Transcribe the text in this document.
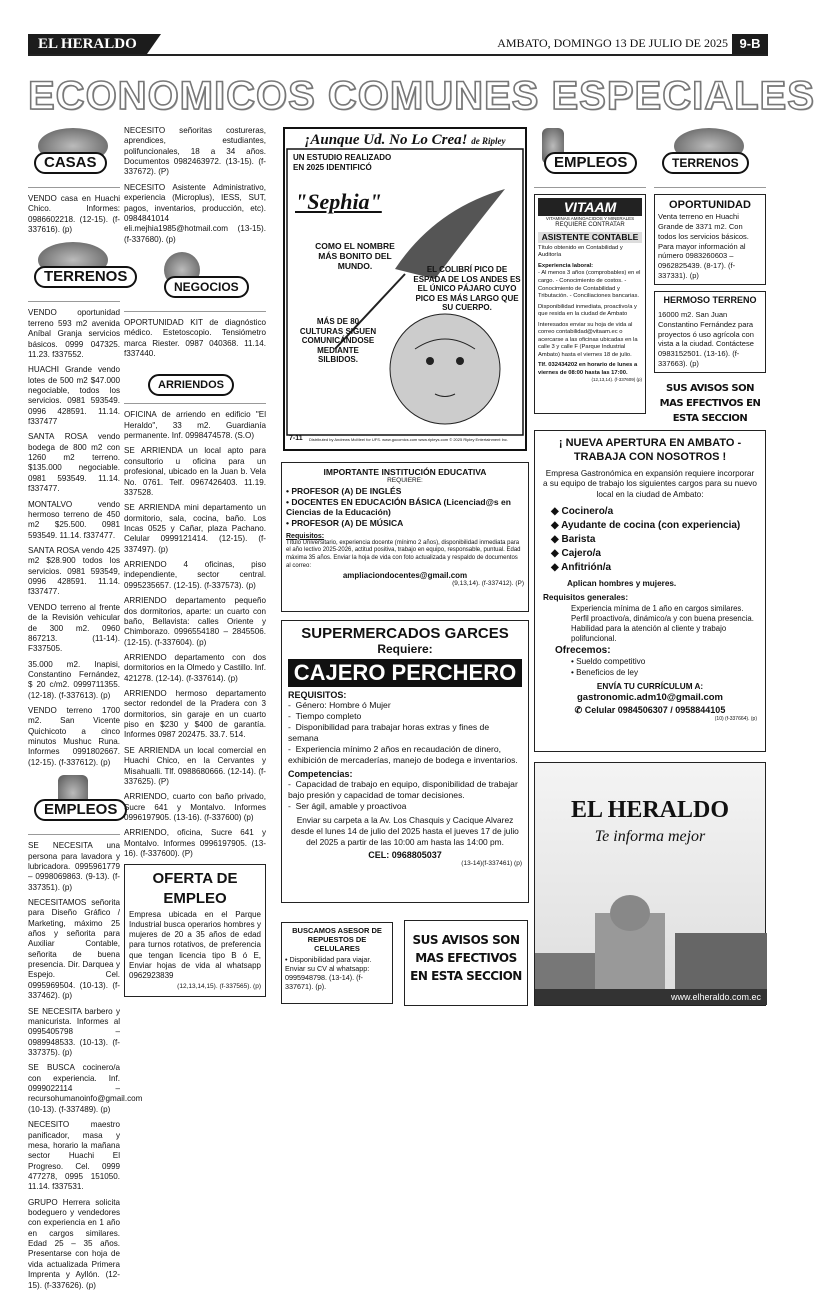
EL HERALDO	AMBATO, DOMINGO 13 DE JULIO DE 2025 9-B
ECONOMICOS COMUNES ESPECIALES
CASAS

VENDO casa en Huachi Chico. Informes: 0986602218. (12-15). (f-337616). (p)

TERRENOS

VENDO oportunidad terreno 593 m2 avenida Aníbal Granja servicios básicos. 0999 047325. 11.23. f337552.

HUACHI Grande vendo lotes de 500 m2 $47.000 negociable, todos los servicios. 0981 593549. 0996 428591. 11.14. f337477

SANTA ROSA vendo bodega de 800 m2 con 1260 m2 terreno. $135.000 negociable. 0981 593549. 11.14. f337477.

MONTALVO vendo hermoso terreno de 450 m2 $25.500. 0981 593549. 11.14. f337477.

SANTA ROSA vendo 425 m2 $28.900 todos los servicios. 0981 593549, 0996 428591. 11.14. f337477.

VENDO terreno al frente de la Revisión vehicular de 300 m2. 0960 867213. (11-14). F337505.

35.000 m2. Inapisi, Constantino Fernández, $ 20 c/m2. 0999711355. (12-18). (f-337613). (p)

VENDO terreno 1700 m2. San Vicente Quichicoto a cinco minutos Mushuc Runa. Informes 0991802667. (12-15). (f-337612). (p)

EMPLEOS

SE NECESITA una persona para lavadora y lubricadora. 0995961779 – 0998069863. (9-13). (f-337351). (p)

NECESITAMOS señorita para Diseño Gráfico / Marketing, máximo 25 años y señorita para Auxiliar Contable, señorita de buena presencia. Dir. Darquea y Espejo. Cel. 0995969504. (10-13). (f-337462). (p)

SE NECESITA barbero y manicurista. Informes al 0995405798 – 0989948533. (10-13). (f-337375). (p)

SE BUSCA cocinero/a con experiencia. Inf. 0999022114 – recursohumanoinfo@gmail.com (10-13). (f-337489). (p)

NECESITO maestro panificador, masa y mesa, horario la mañana sector Huachi El Progreso. Cel. 0999 477278, 0995 151050. 11.14. f337531.

GRUPO Herrera solicita bodeguero y vendedores con experiencia en 1 año en cargos similares. Edad 25 – 35 años. Presentarse con hoja de vida actualizada Primera Imprenta y Ayllón. (12-15). (f-337626). (p)

NECESITO señoritas costureras, aprendices, estudiantes, polifuncionales, 18 a 34 años. Documentos 0982463972. (13-15). (f-337672). (P)

NECESITO Asistente Administrativo, experiencia (Microplus), IESS, SUT, pagos, inventarios, producción, etc). 0984841014 eli.mejhia1985@hotmail.com (13-15). (f-337680). (p)

NEGOCIOS

OPORTUNIDAD KIT de diagnóstico médico. Estetoscopio. Tensiómetro marca Riester. 0987 040368. 11.14. f337440.

ARRIENDOS

OFICINA de arriendo en edificio "El Heraldo", 33 m2. Guardianía permanente. Inf. 0998474578. (S.O)

SE ARRIENDA un local apto para consultorio u oficina para un profesional, ubicado en la Juan b. Vela No. 0761. Telf. 0967426403. 11.19. 337528.

SE ARRIENDA mini departamento un dormitorio, sala, cocina, baño. Los Incas 0525 y Cañar, plaza Pachano. Celular 0999121414. (12-15). (f-337497). (p)

ARRIENDO 4 oficinas, piso independiente, sector central. 0995235657. (12-15). (f-337573). (p)

ARRIENDO departamento pequeño dos dormitorios, aparte: un cuarto con baño, Bellavista: calles Oriente y Chimborazo. 0996554180 – 2845506. (12-15). (f-337604). (p)

ARRIENDO departamento con dos dormitorios en la Olmedo y Castillo. Inf. 421278. (12-14). (f-337614). (p)

ARRIENDO hermoso departamento sector redondel de la Pradera con 3 dormitorios, sin garaje en un cuarto piso en $230 y $400 de garantía. Informes 0987 202475. 33.7. 514.

SE ARRIENDA un local comercial en Huachi Chico, en la Cervantes y Misahualli. Tlf. 0988680666. (12-14). (f-337625). (P)

ARRIENDO, cuarto con baño privado, Sucre 641 y Montalvo. Informes 0996197905. (13-16). (f-337600) (p)

ARRIENDO, oficina, Sucre 641 y Montalvo. Informes 0996197905. (13-16). (f-337600). (P)

OFERTA DE EMPLEO

Empresa ubicada en el Parque Industrial busca operarios hombres y mujeres de 20 a 35 años de edad para turnos rotativos, de preferencia que tengan licencia tipo B ó E, Enviar hojas de vida al whatsapp 0962923839

(12,13,14,15). (f-337565). (p)
¡Aunque Ud. No Lo Crea! de Ripley
UN ESTUDIO REALIZADO EN 2025 IDENTIFICÓ
"Sephia"
COMO EL NOMBRE MÁS BONITO DEL MUNDO.	EL COLIBRÍ PICO DE ESPADA DE LOS ANDES ES EL ÚNICO PÁJARO CUYO PICO ES MÁS LARGO QUE SU CUERPO.
MÁS DE 80 CULTURAS SIGUEN COMUNICÁNDOSE MEDIANTE SILBIDOS.
7-11 Distributed by Andrews McMeel for UFS. www.gocomics.com www.ripleys.com © 2025 Ripley Entertainment Inc.
IMPORTANTE INSTITUCIÓN EDUCATIVA
REQUIERE:
• PROFESOR (A) DE INGLÉS
• DOCENTES EN EDUCACIÓN BÁSICA (Licenciad@s en Ciencias de la Educación)
• PROFESOR (A) DE MÚSICA
Requisitos:
Título Universitario, experiencia docente (mínimo 2 años), disponibilidad inmediata para el año lectivo 2025-2026, actitud positiva, trabajo en equipo, responsable, puntual. Edad máxima 35 años. Enviar la hoja de vida con foto actualizada y respaldo de documentos al correo:
ampliaciondocentes@gmail.com
(9,13,14). (f-337412). (P)
SUPERMERCADOS GARCES
Requiere:
CAJERO PERCHERO
REQUISITOS:
-  Género: Hombre ó Mujer
-  Tiempo completo
-  Disponibilidad para trabajar horas extras y fines de semana
-  Experiencia mínimo 2 años en recaudación de dinero, exhibición de mercaderías, manejo de bodega e inventarios.
Competencias:
-  Capacidad de trabajo en equipo, disponibilidad de trabajar bajo presión y capacidad de tomar decisiones.
-  Ser ágil, amable y proactivoa
Enviar su carpeta a la Av. Los Chasquis y Cacique Alvarez desde el lunes 14 de julio del 2025 hasta el jueves 17 de julio del 2025 a partir de las 10:00 am hasta las 14:00 pm.
CEL: 0968805037
(13-14)(f-337461) (p)
BUSCAMOS ASESOR DE REPUESTOS DE CELULARES
• Disponibilidad para viajar. Enviar su CV al whatsapp: 0995948798. (13-14). (f-337671). (p).
SUS AVISOS SON MAS EFECTIVOS EN ESTA SECCION
EMPLEOS
VITAAM
VITAMINAS AMINOACIDOS Y MINERALES
REQUIERE CONTRATAR
ASISTENTE CONTABLE

Título obtenido en Contabilidad y Auditoría

Experiencia laboral:

- Al menos 3 años (comprobables) en el cargo. - Conocimiento de costos. - Conocimiento de Contabilidad y Tributación. - Conciliaciones bancarias.

Disponibilidad inmediata, proactivo/a y que resida en la ciudad de Ambato

Interesados enviar su hoja de vida al correo contabilidad@vitaam.ec o acercarse a las oficinas ubicadas en la calle 3 y calle F (Parque Industrial Ambato) hasta el viernes 18 de julio.

Tlf. 032434202 en horario de lunes a viernes de 08:00 hasta las 17:00.

(12,13,14). (f-337609) (p)
TERRENOS
OPORTUNIDAD
Venta terreno en Huachi Grande de 3371 m2. Con todos los servicios básicos. Para mayor información al número 0983260603 – 0962825439. (8-17). (f-337331). (p)
HERMOSO TERRENO
16000 m2. San Juan Constantino Fernández para proyectos ó uso agrícola con vista a la ciudad. Contáctese 0983152501. (13-16). (f-337663). (p)
SUS AVISOS SON MAS EFECTIVOS EN ESTA SECCION
¡ NUEVA APERTURA EN AMBATO - TRABAJA CON NOSOTROS !
Empresa Gastronómica en expansión requiere incorporar a su equipo de trabajo los siguientes cargos para su nuevo local en la ciudad de Ambato:
◆ Cocinero/a
◆ Ayudante de cocina (con experiencia)
◆ Barista
◆ Cajero/a
◆ Anfitrión/a
Aplican hombres y mujeres.
Requisitos generales:
Experiencia mínima de 1 año en cargos similares.
Perfil proactivo/a, dinámico/a y con buena presencia.
Habilidad para la atención al cliente y trabajo polifuncional.
Ofrecemos:
• Sueldo competitivo
• Beneficios de ley
ENVÍA TU CURRÍCULUM A:
gastronomic.adm10@gmail.com
✆ Celular 0984506307 / 0958844105
(10) (f-337664). (p)
EL HERALDO
Te informa mejor
www.elheraldo.com.ec
